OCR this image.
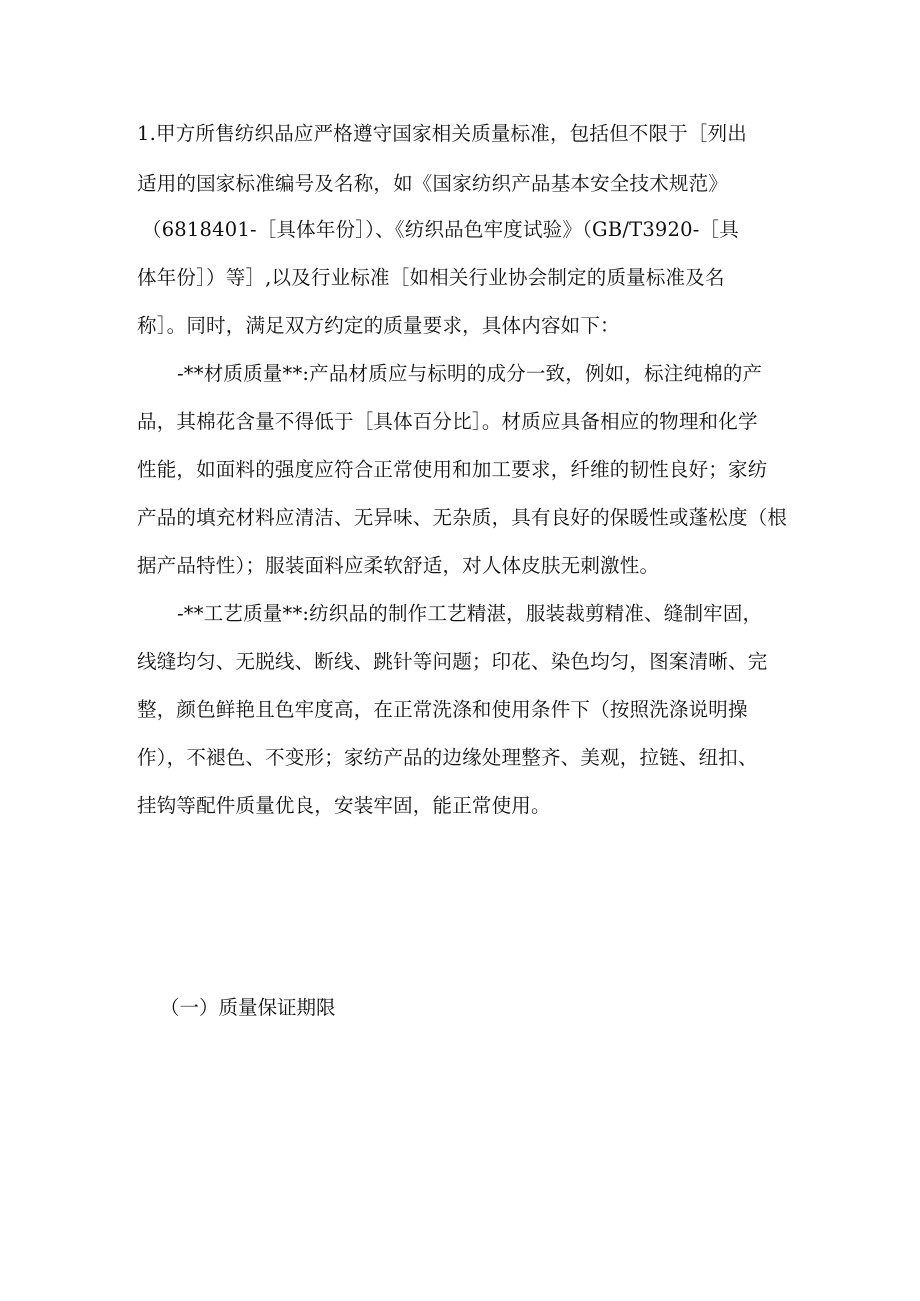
1.甲方所售纺织品应严格遵守国家相关质量标准，包括但不限于［列出
适用的国家标准编号及名称，如《国家纺织产品基本安全技术规范》
（6818401-［具体年份］）、《纺织品色牢度试验》（GB/T3920-［具
体年份］）等］,以及行业标准［如相关行业协会制定的质量标准及名
称］。同时，满足双方约定的质量要求，具体内容如下：
-**材质质量**:产品材质应与标明的成分一致，例如，标注纯棉的产
品，其棉花含量不得低于［具体百分比］。材质应具备相应的物理和化学
性能，如面料的强度应符合正常使用和加工要求，纤维的韧性良好；家纺
产品的填充材料应清洁、无异味、无杂质，具有良好的保暖性或蓬松度（根
据产品特性）；服装面料应柔软舒适，对人体皮肤无刺激性。
-**工艺质量**:纺织品的制作工艺精湛，服装裁剪精准、缝制牢固，
线缝均匀、无脱线、断线、跳针等问题；印花、染色均匀，图案清晰、完
整，颜色鲜艳且色牢度高，在正常洗涤和使用条件下（按照洗涤说明操
作），不褪色、不变形；家纺产品的边缘处理整齐、美观，拉链、纽扣、
挂钩等配件质量优良，安装牢固，能正常使用。
（一）质量保证期限
